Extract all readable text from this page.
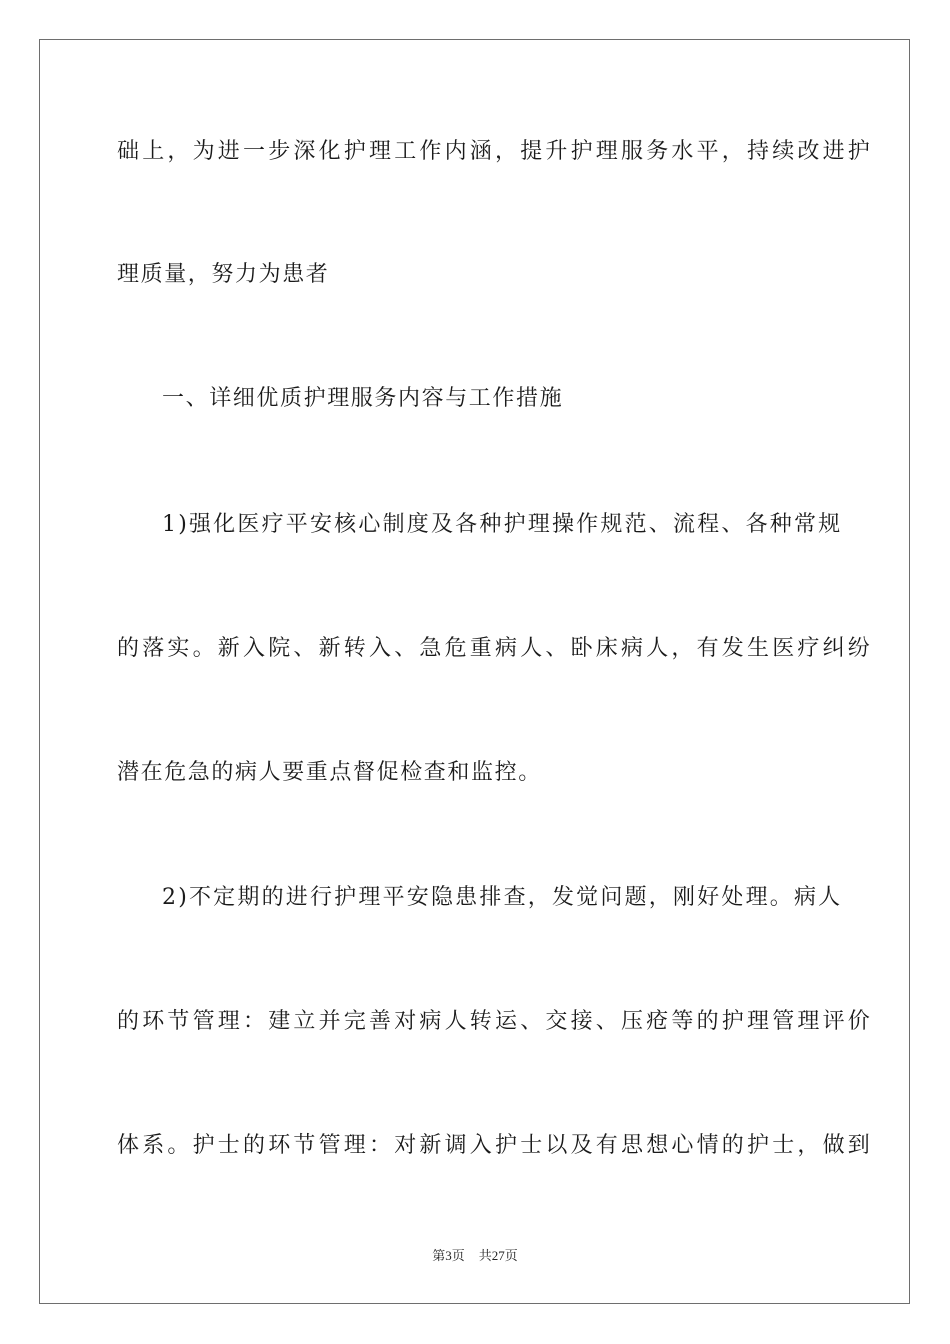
础上，为进一步深化护理工作内涵，提升护理服务水平，持续改进护
理质量，努力为患者
一、详细优质护理服务内容与工作措施
1)强化医疗平安核心制度及各种护理操作规范、流程、各种常规
的落实。新入院、新转入、急危重病人、卧床病人，有发生医疗纠纷
潜在危急的病人要重点督促检查和监控。
2)不定期的进行护理平安隐患排查，发觉问题，刚好处理。病人
的环节管理：建立并完善对病人转运、交接、压疮等的护理管理评价
体系。护士的环节管理：对新调入护士以及有思想心情的护士，做到
第3页 共27页
